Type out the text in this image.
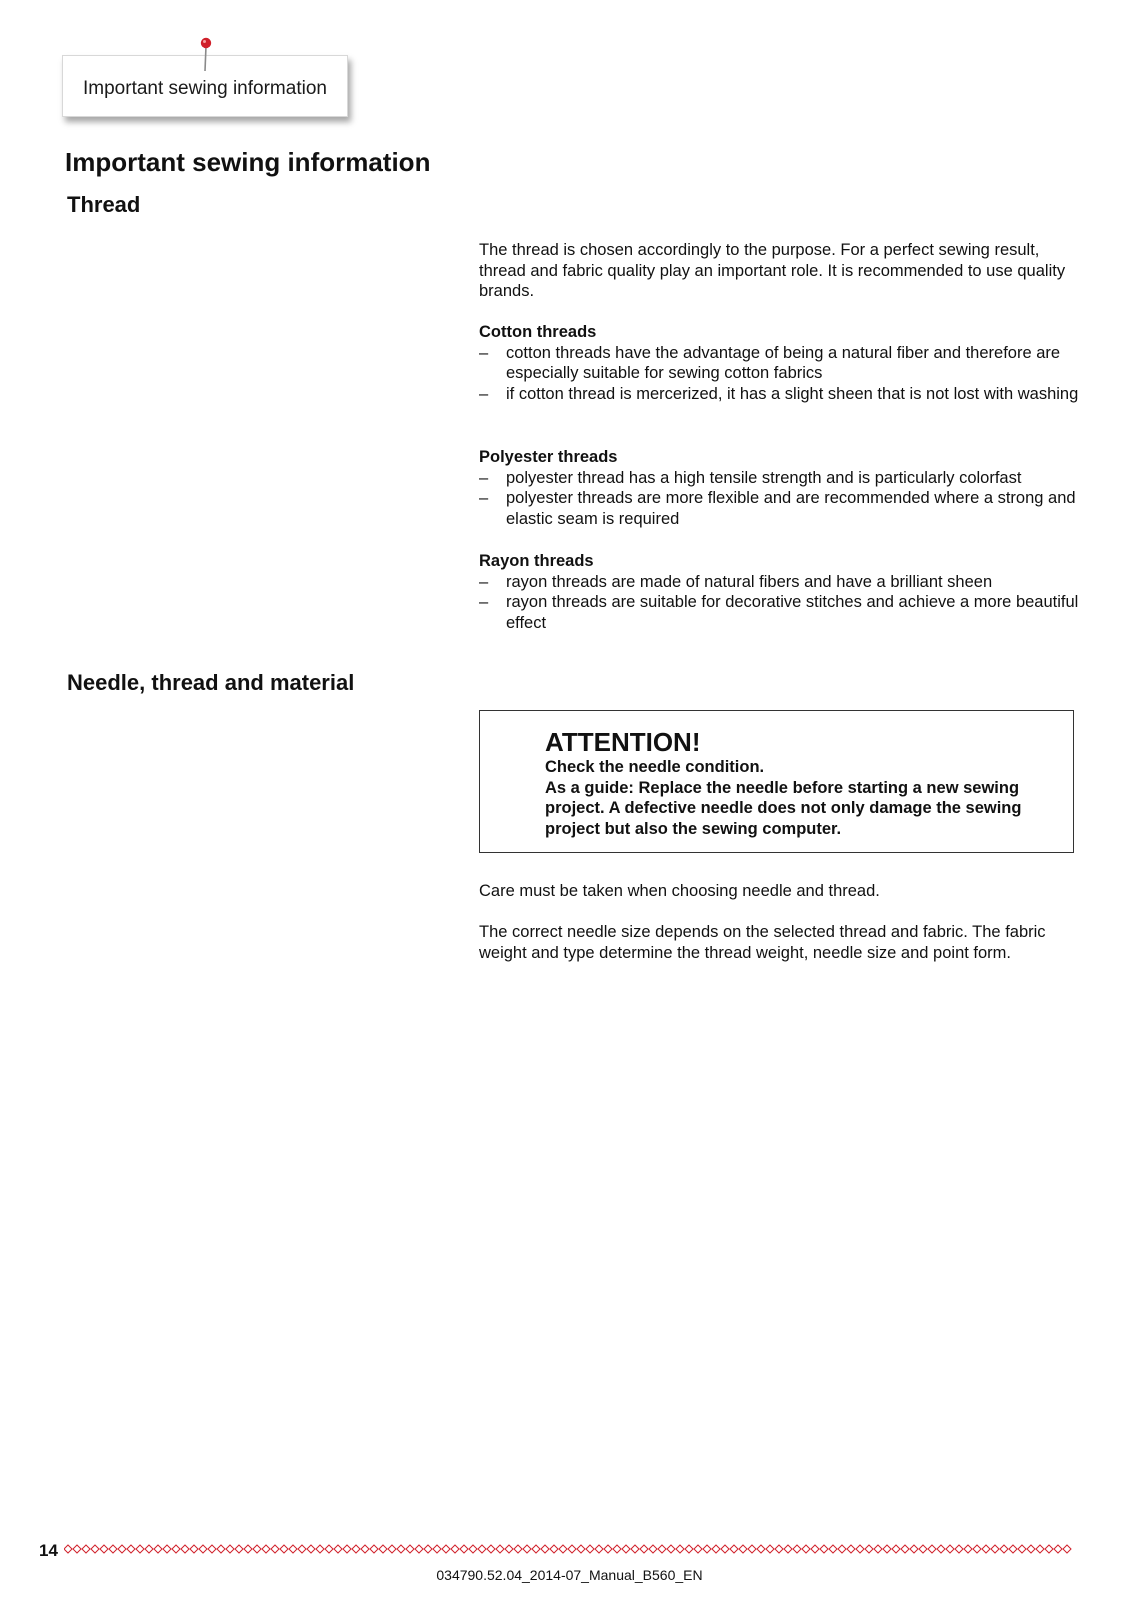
Important sewing information
Important sewing information
Thread

The thread is chosen accordingly to the purpose. For a perfect sewing result, thread and fabric quality play an important role. It is recommended to use quality brands.

Cotton threads

– cotton threads have the advantage of being a natural fiber and therefore are especially suitable for sewing cotton fabrics
– if cotton thread is mercerized, it has a slight sheen that is not lost with washing

Polyester threads

– polyester thread has a high tensile strength and is particularly colorfast
– polyester threads are more flexible and are recommended where a strong and elastic seam is required

Rayon threads

– rayon threads are made of natural fibers and have a brilliant sheen
– rayon threads are suitable for decorative stitches and achieve a more beautiful effect
Needle, thread and material
ATTENTION!

Check the needle condition.

As a guide: Replace the needle before starting a new sewing project. A defective needle does not only damage the sewing project but also the sewing computer.

Care must be taken when choosing needle and thread.

The correct needle size depends on the selected thread and fabric. The fabric weight and type determine the thread weight, needle size and point form.

14
034790.52.04_2014-07_Manual_B560_EN
